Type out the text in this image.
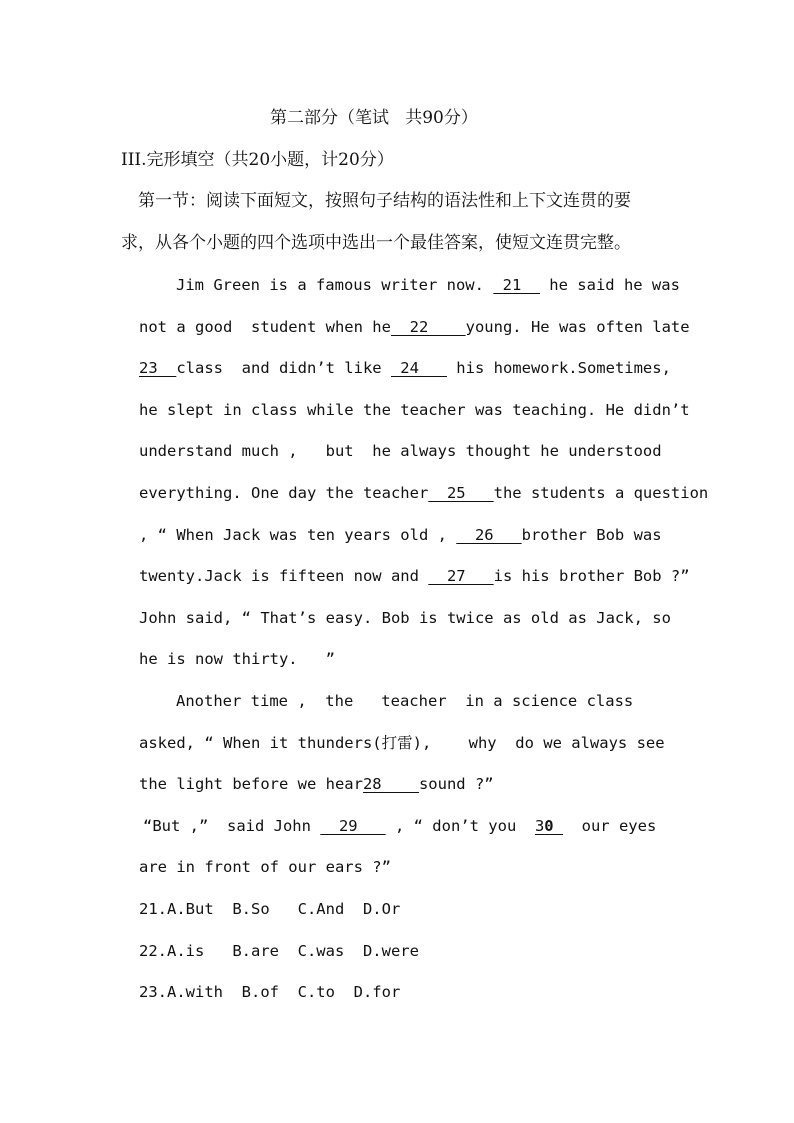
第二部分（笔试   共90分）
III.完形填空（共20小题，计20分）
第一节：阅读下面短文，按照句子结构的语法性和上下文连贯的要
求，从各个小题的四个选项中选出一个最佳答案，使短文连贯完整。
Jim Green is a famous writer now.  21   he said he was
not a good  student when he  22    young. He was often late
23  class  and didn’t like  24    his homework.Sometimes,
he slept in class while the teacher was teaching. He didn’t
understand much ,   but  he always thought he understood
everything. One day the teacher  25   the students a question
, “ When Jack was ten years old ,   26   brother Bob was
twenty.Jack is fifteen now and   27   is his brother Bob ?”
John said, “ That’s easy. Bob is twice as old as Jack, so
he is now thirty.   ”
Another time ,  the   teacher  in a science class
asked, “ When it thunders(打雷),    why  do we always see
the light before we hear28    sound ?”
“But ,”  said John   29    , “ don’t you  30   our eyes
are in front of our ears ?”
21.A.But  B.So   C.And  D.Or
22.A.is   B.are  C.was  D.were
23.A.with  B.of  C.to  D.for
